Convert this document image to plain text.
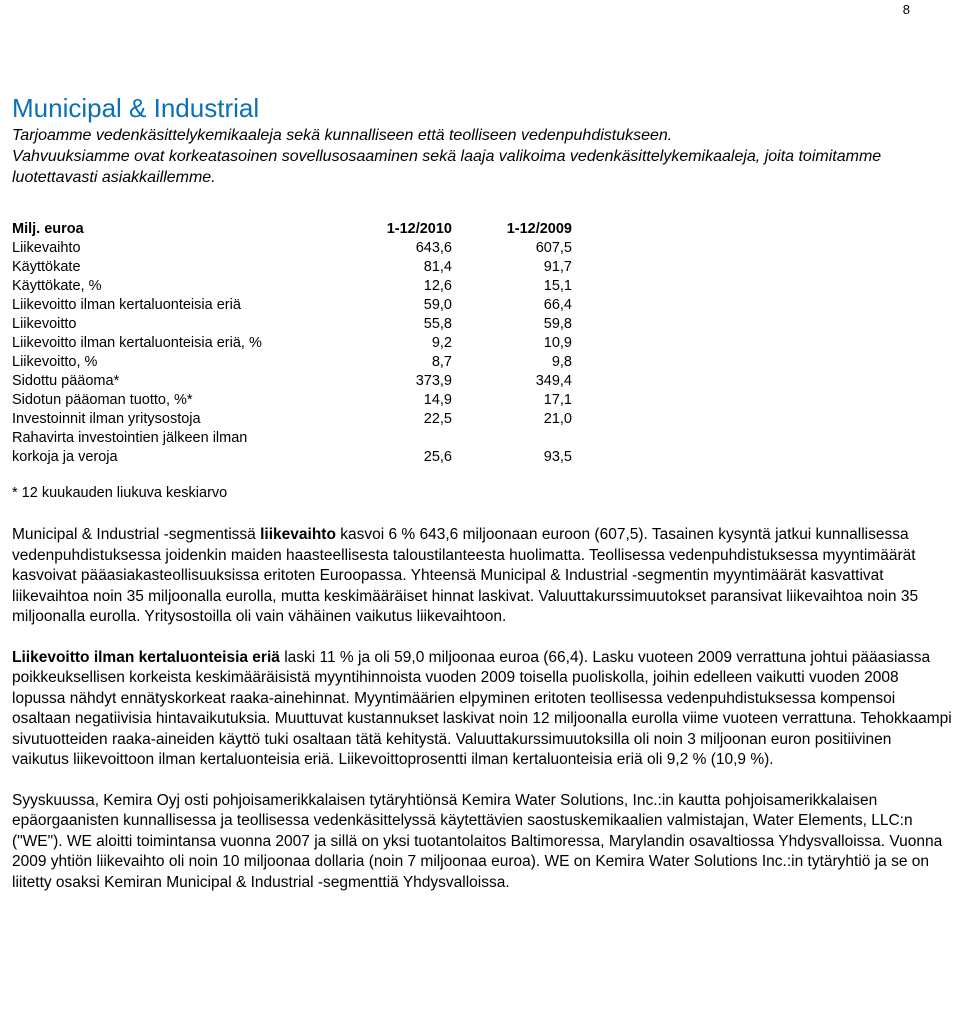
8
Municipal & Industrial

Tarjoamme vedenkäsittelykemikaaleja sekä kunnalliseen että teolliseen vedenpuhdistukseen.

Vahvuuksiamme ovat korkeatasoinen sovellusosaaminen sekä laaja valikoima vedenkäsittelykemikaaleja, joita toimitamme luotettavasti asiakkaillemme.

Milj. euroa	1-12/2010	1-12/2009
Liikevaihto	643,6	607,5
Käyttökate	81,4	91,7
Käyttökate, %	12,6	15,1
Liikevoitto ilman kertaluonteisia eriä	59,0	66,4
Liikevoitto	55,8	59,8
Liikevoitto ilman kertaluonteisia eriä, %	9,2	10,9
Liikevoitto, %	8,7	9,8
Sidottu pääoma*	373,9	349,4
Sidotun pääoman tuotto, %*	14,9	17,1
Investoinnit ilman yritysostoja	22,5	21,0
Rahavirta investointien jälkeen ilman		
korkoja ja veroja	25,6	93,5
* 12 kuukauden liukuva keskiarvo

Municipal & Industrial -segmentissä liikevaihto kasvoi 6 % 643,6 miljoonaan euroon (607,5). Tasainen kysyntä jatkui kunnallisessa vedenpuhdistuksessa joidenkin maiden haasteellisesta taloustilanteesta huolimatta. Teollisessa vedenpuhdistuksessa myyntimäärät kasvoivat pääasiakasteollisuuksissa eritoten Euroopassa. Yhteensä Municipal & Industrial -segmentin myyntimäärät kasvattivat liikevaihtoa noin 35 miljoonalla eurolla, mutta keskimääräiset hinnat laskivat. Valuuttakurssimuutokset paransivat liikevaihtoa noin 35 miljoonalla eurolla. Yritysostoilla oli vain vähäinen vaikutus liikevaihtoon.

Liikevoitto ilman kertaluonteisia eriä laski 11 % ja oli 59,0 miljoonaa euroa (66,4). Lasku vuoteen 2009 verrattuna johtui pääasiassa poikkeuksellisen korkeista keskimääräisistä myyntihinnoista vuoden 2009 toisella puoliskolla, joihin edelleen vaikutti vuoden 2008 lopussa nähdyt ennätyskorkeat raaka-ainehinnat. Myyntimäärien elpyminen eritoten teollisessa vedenpuhdistuksessa kompensoi osaltaan negatiivisia hintavaikutuksia. Muuttuvat kustannukset laskivat noin 12 miljoonalla eurolla viime vuoteen verrattuna. Tehokkaampi sivutuotteiden raaka-aineiden käyttö tuki osaltaan tätä kehitystä. Valuuttakurssimuutoksilla oli noin 3 miljoonan euron positiivinen vaikutus liikevoittoon ilman kertaluonteisia eriä. Liikevoittoprosentti ilman kertaluonteisia eriä oli 9,2 % (10,9 %).

Syyskuussa, Kemira Oyj osti pohjoisamerikkalaisen tytäryhtiönsä Kemira Water Solutions, Inc.:in kautta pohjoisamerikkalaisen epäorgaanisten kunnallisessa ja teollisessa vedenkäsittelyssä käytettävien saostuskemikaalien valmistajan, Water Elements, LLC:n ("WE"). WE aloitti toimintansa vuonna 2007 ja sillä on yksi tuotantolaitos Baltimoressa, Marylandin osavaltiossa Yhdysvalloissa. Vuonna 2009 yhtiön liikevaihto oli noin 10 miljoonaa dollaria (noin 7 miljoonaa euroa). WE on Kemira Water Solutions Inc.:in tytäryhtiö ja se on liitetty osaksi Kemiran Municipal & Industrial -segmenttiä Yhdysvalloissa.
